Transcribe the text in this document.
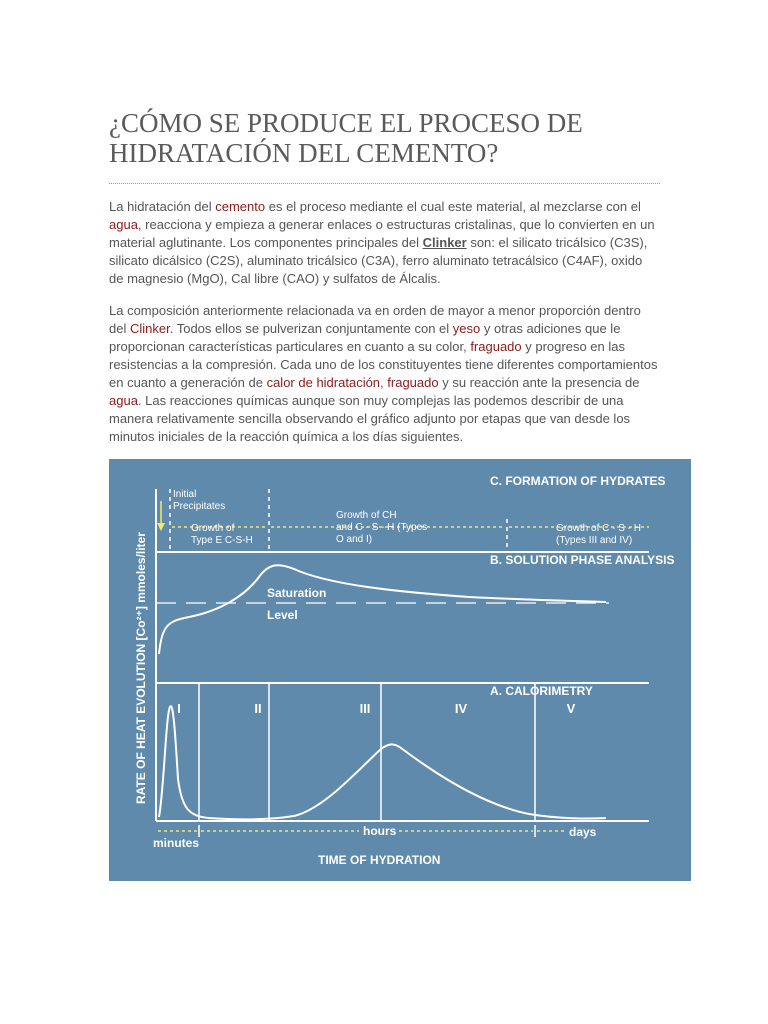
¿CÓMO SE PRODUCE EL PROCESO DE HIDRATACIÓN DEL CEMENTO?

La hidratación del cemento es el proceso mediante el cual este material, al mezclarse con el agua, reacciona y empieza a generar enlaces o estructuras cristalinas, que lo convierten en un material aglutinante. Los componentes principales del Clinker son: el silicato tricálsico (C3S), silicato dicálsico (C2S), aluminato tricálsico (C3A), ferro aluminato tetracálsico (C4AF), oxido de magnesio (MgO), Cal libre (CAO) y sulfatos de Álcalis.

La composición anteriormente relacionada va en orden de mayor a menor proporción dentro del Clinker. Todos ellos se pulverizan conjuntamente con el yeso y otras adiciones que le proporcionan características particulares en cuanto a su color, fraguado y progreso en las resistencias a la compresión. Cada uno de los constituyentes tiene diferentes comportamientos en cuanto a generación de calor de hidratación, fraguado y su reacción ante la presencia de agua. Las reacciones químicas aunque son muy complejas las podemos describir de una manera relativamente sencilla observando el gráfico adjunto por etapas que van desde los minutos iniciales de la reacción química a los días siguientes.

C. FORMATION OF HYDRATES
Initial
Precipitates
Growth of
Type E C-S-H
Growth of CH
and C - S - H (Types
O and I)
Growth of C - S - H
(Types III and IV)
B. SOLUTION PHASE ANALYSIS
Saturation
Level
A. CALORIMETRY
I	II	III	IV	V
hours	days
minutes
TIME OF HYDRATION
RATE OF HEAT EVOLUTION [Co²⁺] mmoles/liter
